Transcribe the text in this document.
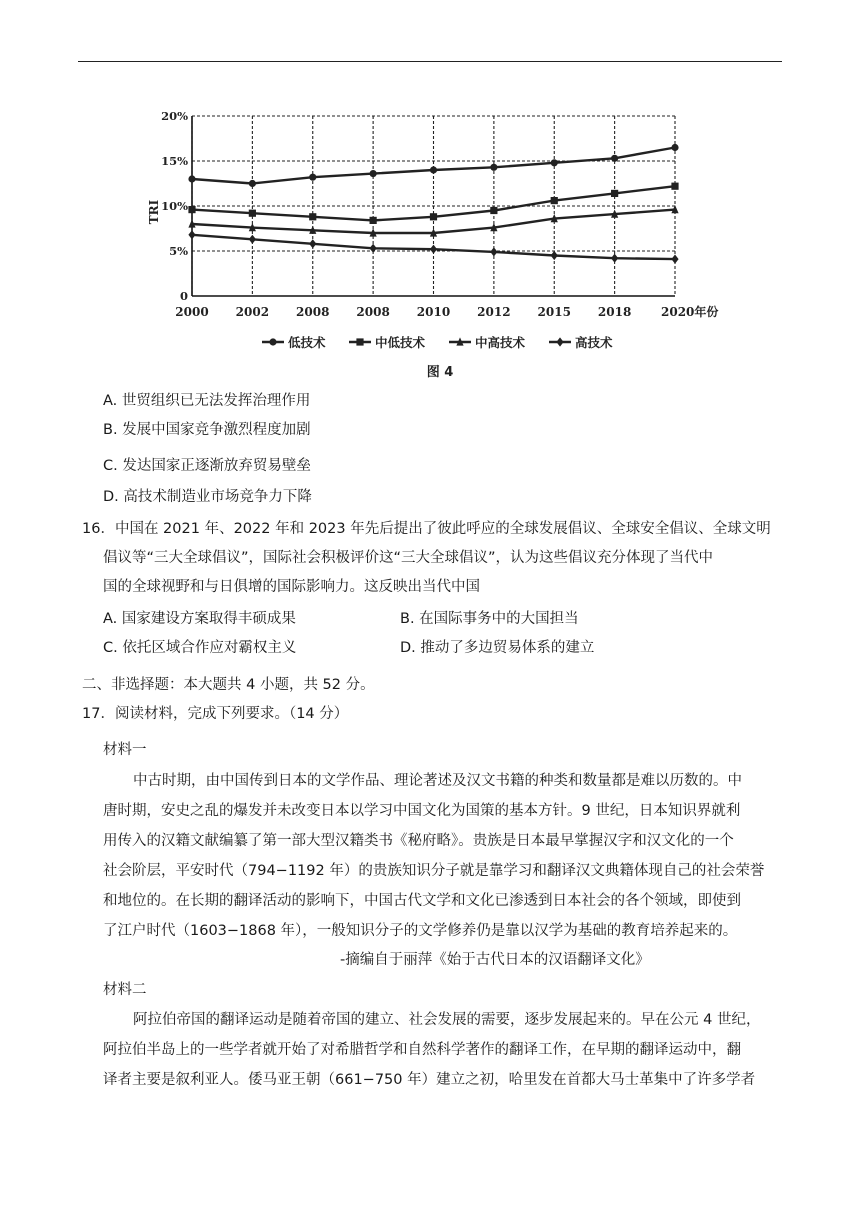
0
5%
10%
15%
20%
2000 2002 2008 2008 2010 2012 2015 2018 2020年份
TRI
低技术	中低技术	中高技术	高技术
图 4
A. 世贸组织已无法发挥治理作用
B. 发展中国家竞争激烈程度加剧
C. 发达国家正逐渐放弃贸易壁垒
D. 高技术制造业市场竞争力下降
16．中国在 2021 年、2022 年和 2023 年先后提出了彼此呼应的全球发展倡议、全球安全倡议、全球文明
倡议等“三大全球倡议”，国际社会积极评价这“三大全球倡议”，认为这些倡议充分体现了当代中
国的全球视野和与日俱增的国际影响力。这反映出当代中国
A. 国家建设方案取得丰硕成果	B. 在国际事务中的大国担当
C. 依托区域合作应对霸权主义	D. 推动了多边贸易体系的建立
二、非选择题：本大题共 4 小题，共 52 分。
17．阅读材料，完成下列要求。（14 分）
材料一
中古时期，由中国传到日本的文学作品、理论著述及汉文书籍的种类和数量都是难以历数的。中
唐时期，安史之乱的爆发并未改变日本以学习中国文化为国策的基本方针。9 世纪，日本知识界就利
用传入的汉籍文献编纂了第一部大型汉籍类书《秘府略》。贵族是日本最早掌握汉字和汉文化的一个
社会阶层，平安时代（794−1192 年）的贵族知识分子就是靠学习和翻译汉文典籍体现自己的社会荣誉
和地位的。在长期的翻译活动的影响下，中国古代文学和文化已渗透到日本社会的各个领域，即使到
了江户时代（1603−1868 年），一般知识分子的文学修养仍是靠以汉学为基础的教育培养起来的。
-摘编自于丽萍《始于古代日本的汉语翻译文化》
材料二
阿拉伯帝国的翻译运动是随着帝国的建立、社会发展的需要，逐步发展起来的。早在公元 4 世纪，
阿拉伯半岛上的一些学者就开始了对希腊哲学和自然科学著作的翻译工作，在早期的翻译运动中，翻
译者主要是叙利亚人。倭马亚王朝（661−750 年）建立之初，哈里发在首都大马士革集中了许多学者
